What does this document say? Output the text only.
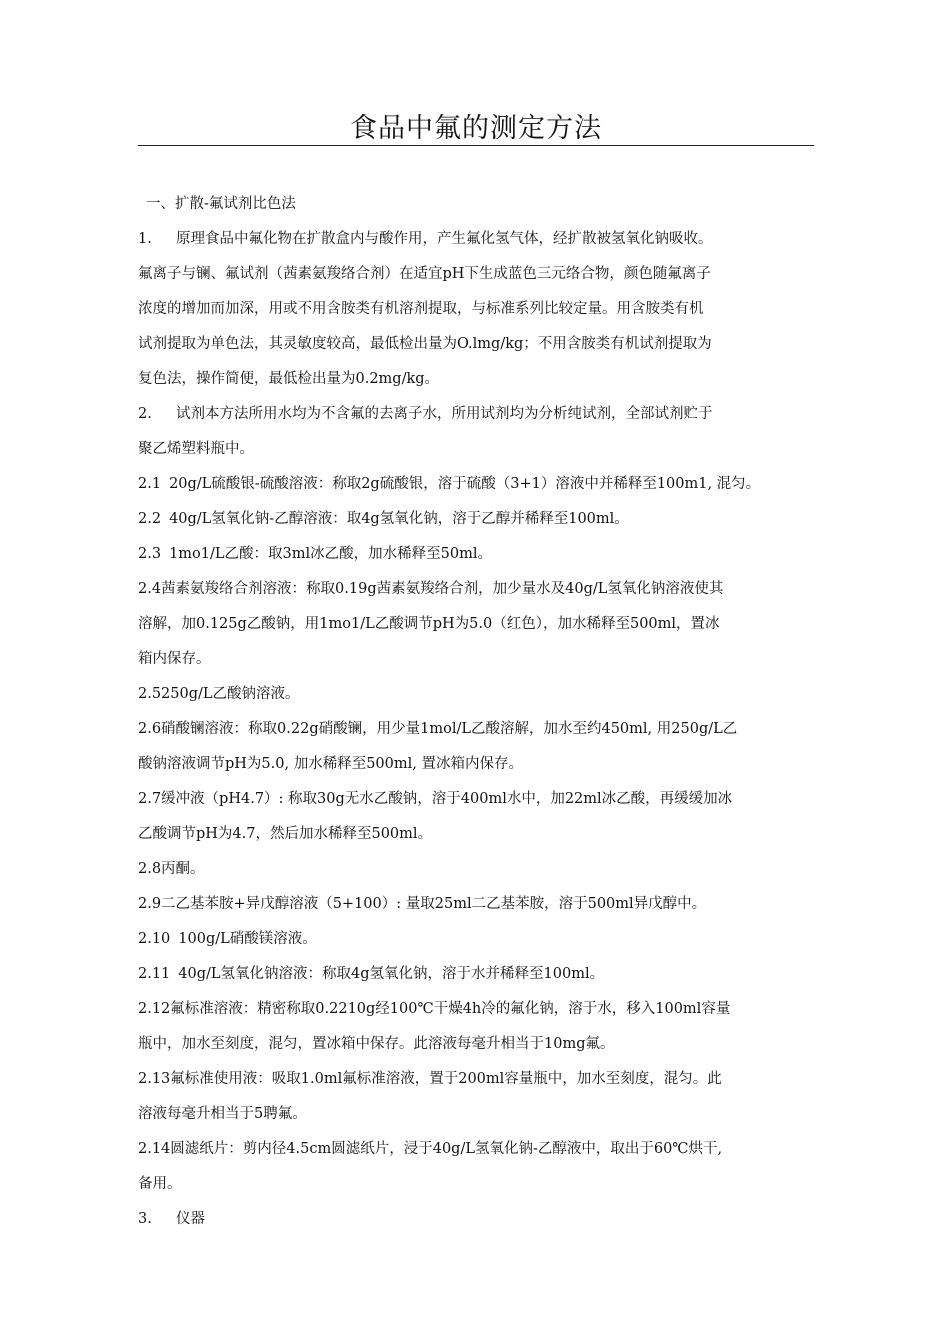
食品中氟的测定方法
一、扩散-氟试剂比色法
1. 原理食品中氟化物在扩散盒内与酸作用，产生氟化氢气体，经扩散被氢氧化钠吸收。
氟离子与镧、氟试剂（茜素氨羧络合剂）在适宜pH下生成蓝色三元络合物，颜色随氟离子
浓度的增加而加深，用或不用含胺类有机溶剂提取，与标准系列比较定量。用含胺类有机
试剂提取为单色法，其灵敏度较高，最低检出量为O.lmg/kg；不用含胺类有机试剂提取为
复色法，操作简便，最低检出量为0.2mg/kg。
2. 试剂本方法所用水均为不含氟的去离子水，所用试剂均为分析纯试剂，全部试剂贮于
聚乙烯塑料瓶中。
2.1 20g/L硫酸银-硫酸溶液：称取2g硫酸银，溶于硫酸（3+1）溶液中并稀释至100m1, 混匀。
2.2 40g/L氢氧化钠-乙醇溶液：取4g氢氧化钠，溶于乙醇并稀释至100ml。
2.3 1mo1/L乙酸：取3ml冰乙酸，加水稀释至50ml。
2.4茜素氨羧络合剂溶液：称取0.19g茜素氨羧络合剂，加少量水及40g/L氢氧化钠溶液使其
溶解，加0.125g乙酸钠，用1mo1/L乙酸调节pH为5.0（红色），加水稀释至500ml，置冰
箱内保存。
2.5250g/L乙酸钠溶液。
2.6硝酸镧溶液：称取0.22g硝酸镧，用少量1mol/L乙酸溶解，加水至约450ml, 用250g/L乙
酸钠溶液调节pH为5.0, 加水稀释至500ml, 置冰箱内保存。
2.7缓冲液（pH4.7）: 称取30g无水乙酸钠，溶于400ml水中，加22ml冰乙酸，再缓缓加冰
乙酸调节pH为4.7，然后加水稀释至500ml。
2.8丙酮。
2.9二乙基苯胺+异戊醇溶液（5+100）: 量取25ml二乙基苯胺，溶于500ml异戊醇中。
2.10 100g/L硝酸镁溶液。
2.11 40g/L氢氧化钠溶液：称取4g氢氧化钠，溶于水并稀释至100ml。
2.12氟标准溶液：精密称取0.2210g经100℃干燥4h冷的氟化钠，溶于水，移入100ml容量
瓶中，加水至刻度，混匀，置冰箱中保存。此溶液每毫升相当于10mg氟。
2.13氟标准使用液：吸取1.0ml氟标准溶液，置于200ml容量瓶中，加水至刻度，混匀。此
溶液每毫升相当于5聘氟。
2.14圆滤纸片：剪内径4.5cm圆滤纸片，浸于40g/L氢氧化钠-乙醇液中，取出于60℃烘干,
备用。
3. 仪器
